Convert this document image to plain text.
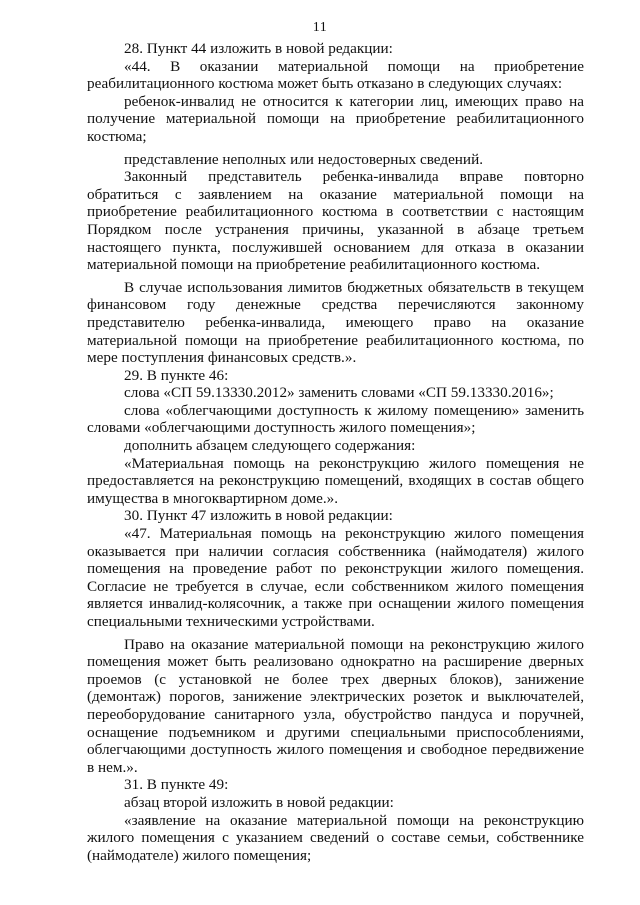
11

28. Пункт 44 изложить в новой редакции:

«44. В оказании материальной помощи на приобретение реабилитационного костюма может быть отказано в следующих случаях:

ребенок-инвалид не относится к категории лиц, имеющих право на получение материальной помощи на приобретение реабилитационного костюма;

представление неполных или недостоверных сведений.

Законный представитель ребенка-инвалида вправе повторно обратиться с заявлением на оказание материальной помощи на приобретение реабилитационного костюма в соответствии с настоящим Порядком после устранения причины, указанной в абзаце третьем настоящего пункта, послужившей основанием для отказа в оказании материальной помощи на приобретение реабилитационного костюма.

В случае использования лимитов бюджетных обязательств в текущем финансовом году денежные средства перечисляются законному представителю ребенка-инвалида, имеющего право на оказание материальной помощи на приобретение реабилитационного костюма, по мере поступления финансовых средств.».

29. В пункте 46:

слова «СП 59.13330.2012» заменить словами «СП 59.13330.2016»;

слова «облегчающими доступность к жилому помещению» заменить словами «облегчающими доступность жилого помещения»;

дополнить абзацем следующего содержания:

«Материальная помощь на реконструкцию жилого помещения не предоставляется на реконструкцию помещений, входящих в состав общего имущества в многоквартирном доме.».

30. Пункт 47 изложить в новой редакции:

«47. Материальная помощь на реконструкцию жилого помещения оказывается при наличии согласия собственника (наймодателя) жилого помещения на проведение работ по реконструкции жилого помещения. Согласие не требуется в случае, если собственником жилого помещения является инвалид-колясочник, а также при оснащении жилого помещения специальными техническими устройствами.

Право на оказание материальной помощи на реконструкцию жилого помещения может быть реализовано однократно на расширение дверных проемов (с установкой не более трех дверных блоков), занижение (демонтаж) порогов, занижение электрических розеток и выключателей, переоборудование санитарного узла, обустройство пандуса и поручней, оснащение подъемником и другими специальными приспособлениями, облегчающими доступность жилого помещения и свободное передвижение в нем.».

31. В пункте 49:

абзац второй изложить в новой редакции:

«заявление на оказание материальной помощи на реконструкцию жилого помещения с указанием сведений о составе семьи, собственнике (наймодателе) жилого помещения;
